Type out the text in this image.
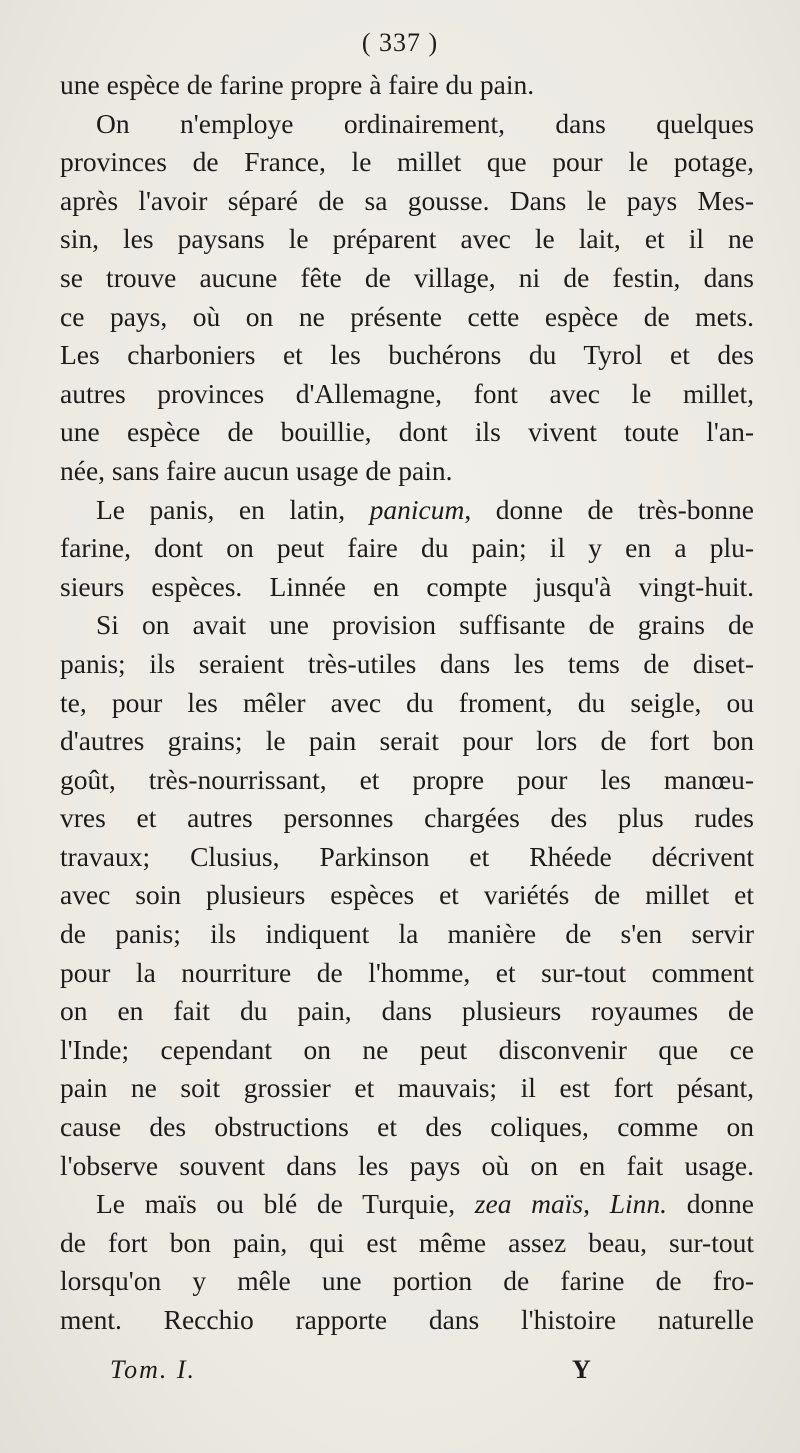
( 337 )
une espèce de farine propre à faire du pain.
On n'employe ordinairement, dans quelques
provinces de France, le millet que pour le potage,
après l'avoir séparé de sa gousse. Dans le pays Mes-
sin, les paysans le préparent avec le lait, et il ne
se trouve aucune fête de village, ni de festin, dans
ce pays, où on ne présente cette espèce de mets.
Les charboniers et les buchérons du Tyrol et des
autres provinces d'Allemagne, font avec le millet,
une espèce de bouillie, dont ils vivent toute l'an-
née, sans faire aucun usage de pain.
Le panis, en latin, panicum, donne de très-bonne
farine, dont on peut faire du pain; il y en a plu-
sieurs espèces. Linnée en compte jusqu'à vingt-huit.
Si on avait une provision suffisante de grains de
panis; ils seraient très-utiles dans les tems de diset-
te, pour les mêler avec du froment, du seigle, ou
d'autres grains; le pain serait pour lors de fort bon
goût, très-nourrissant, et propre pour les manœu-
vres et autres personnes chargées des plus rudes
travaux; Clusius, Parkinson et Rhéede décrivent
avec soin plusieurs espèces et variétés de millet et
de panis; ils indiquent la manière de s'en servir
pour la nourriture de l'homme, et sur-tout comment
on en fait du pain, dans plusieurs royaumes de
l'Inde; cependant on ne peut disconvenir que ce
pain ne soit grossier et mauvais; il est fort pésant,
cause des obstructions et des coliques, comme on
l'observe souvent dans les pays où on en fait usage.
Le maïs ou blé de Turquie, zea maïs, Linn. donne
de fort bon pain, qui est même assez beau, sur-tout
lorsqu'on y mêle une portion de farine de fro-
ment. Recchio rapporte dans l'histoire naturelle
Tom. I.	Y
